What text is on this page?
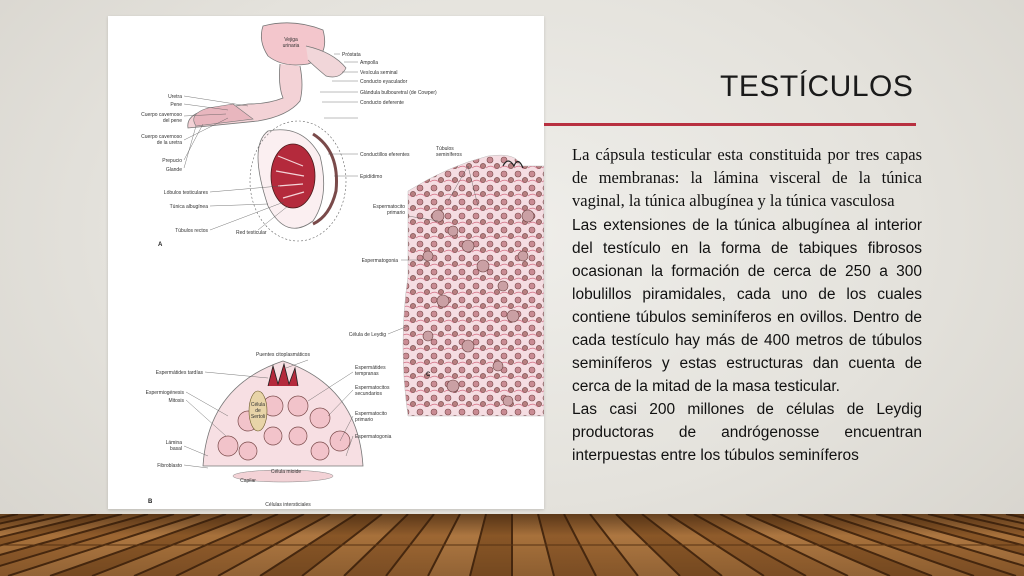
Vejiga
urinaria
Próstata
Ampolla
Vesícula seminal
Conducto eyaculador
Glándula bulbouretral (de Cowper)
Conducto deferente
Conductillos eferentes
Epidídimo
Uretra
Pene
Cuerpo cavernoso
del pene
Cuerpo cavernoso
de la uretra
Prepucio
Glande
Lóbulos testiculares
Túnica albugínea
Túbulos rectos	Red testicular
A
Túbulos
seminíferos
Espermatocito
primario
Espermatogonia
Célula de Leydig
C
Puentes citoplasmáticos
Espermátides tardías
Espermiogénesis
Mitosis
Lámina
basal
Fibroblasto
Espermátides
tempranas
Espermatocitos
secundarios
Espermatocito
primario
Espermatogonia
Célula
de
Sertoli
Célula mioide
Capilar
Células intersticiales
B
TESTÍCULOS

La cápsula testicular esta constituida por tres capas de membranas: la lámina visceral de la túnica vaginal, la túnica albugínea y la túnica vasculosa

Las extensiones de la túnica albugínea al interior del testículo en la forma de tabiques fibrosos ocasionan la formación de cerca de 250 a 300 lobulillos piramidales, cada uno de los cuales contiene túbulos seminíferos en ovillos. Dentro de cada testículo hay más de 400 metros de túbulos seminíferos y estas estructuras dan cuenta de cerca de la mitad de la masa testicular.

Las casi 200 millones de células de Leydig productoras de andrógenosse encuentran interpuestas entre los túbulos seminíferos
